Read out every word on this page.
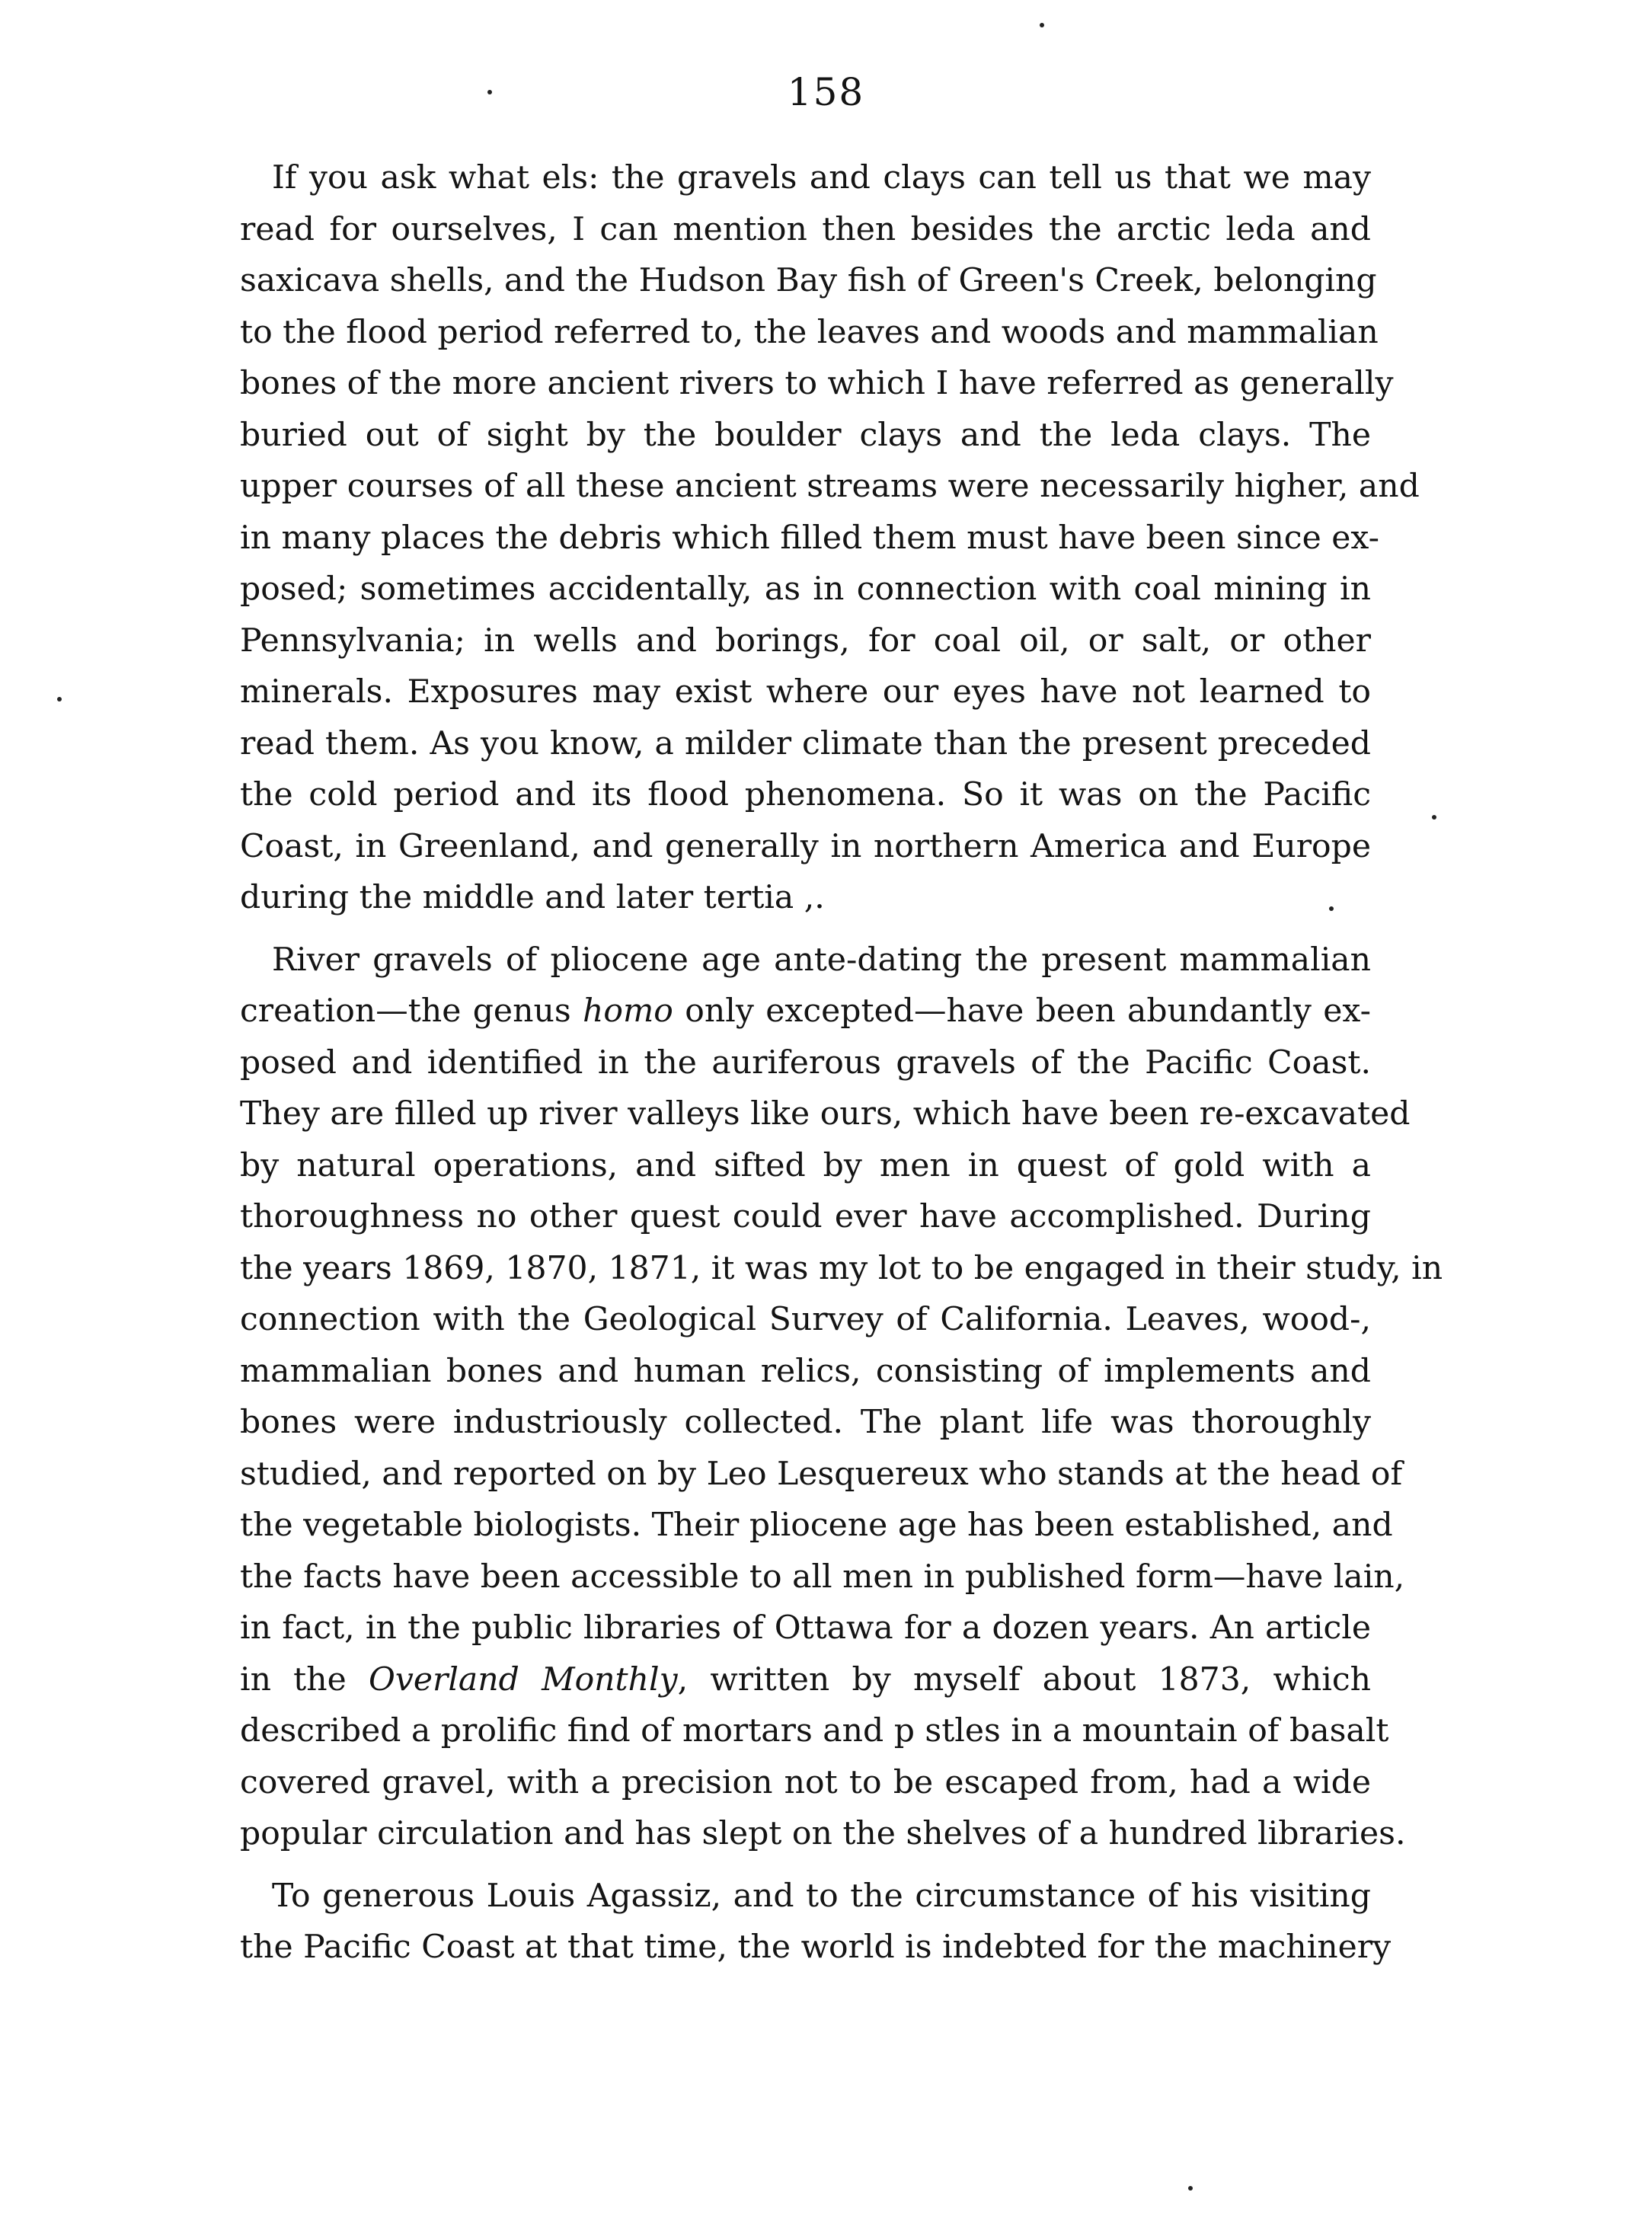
158

If you ask what els: the gravels and clays can tell us that we may
read for ourselves, I can mention then besides the arctic leda and
saxicava shells, and the Hudson Bay fish of Green's Creek, belonging
to the flood period referred to, the leaves and woods and mammalian
bones of the more ancient rivers to which I have referred as generally
buried out of sight by the boulder clays and the leda clays. The
upper courses of all these ancient streams were necessarily higher, and
in many places the debris which filled them must have been since ex-
posed; sometimes accidentally, as in connection with coal mining in
Pennsylvania; in wells and borings, for coal oil, or salt, or other
minerals. Exposures may exist where our eyes have not learned to
read them. As you know, a milder climate than the present preceded
the cold period and its flood phenomena. So it was on the Pacific
Coast, in Greenland, and generally in northern America and Europe
during the middle and later tertia ,.

River gravels of pliocene age ante-dating the present mammalian
creation—the genus homo only excepted—have been abundantly ex-
posed and identified in the auriferous gravels of the Pacific Coast.
They are filled up river valleys like ours, which have been re-excavated
by natural operations, and sifted by men in quest of gold with a
thoroughness no other quest could ever have accomplished. During
the years 1869, 1870, 1871, it was my lot to be engaged in their study, in
connection with the Geological Survey of California. Leaves, wood-,
mammalian bones and human relics, consisting of implements and
bones were industriously collected. The plant life was thoroughly
studied, and reported on by Leo Lesquereux who stands at the head of
the vegetable biologists. Their pliocene age has been established, and
the facts have been accessible to all men in published form—have lain,
in fact, in the public libraries of Ottawa for a dozen years. An article
in the Overland Monthly, written by myself about 1873, which
described a prolific find of mortars and p stles in a mountain of basalt
covered gravel, with a precision not to be escaped from, had a wide
popular circulation and has slept on the shelves of a hundred libraries.

To generous Louis Agassiz, and to the circumstance of his visiting
the Pacific Coast at that time, the world is indebted for the machinery
